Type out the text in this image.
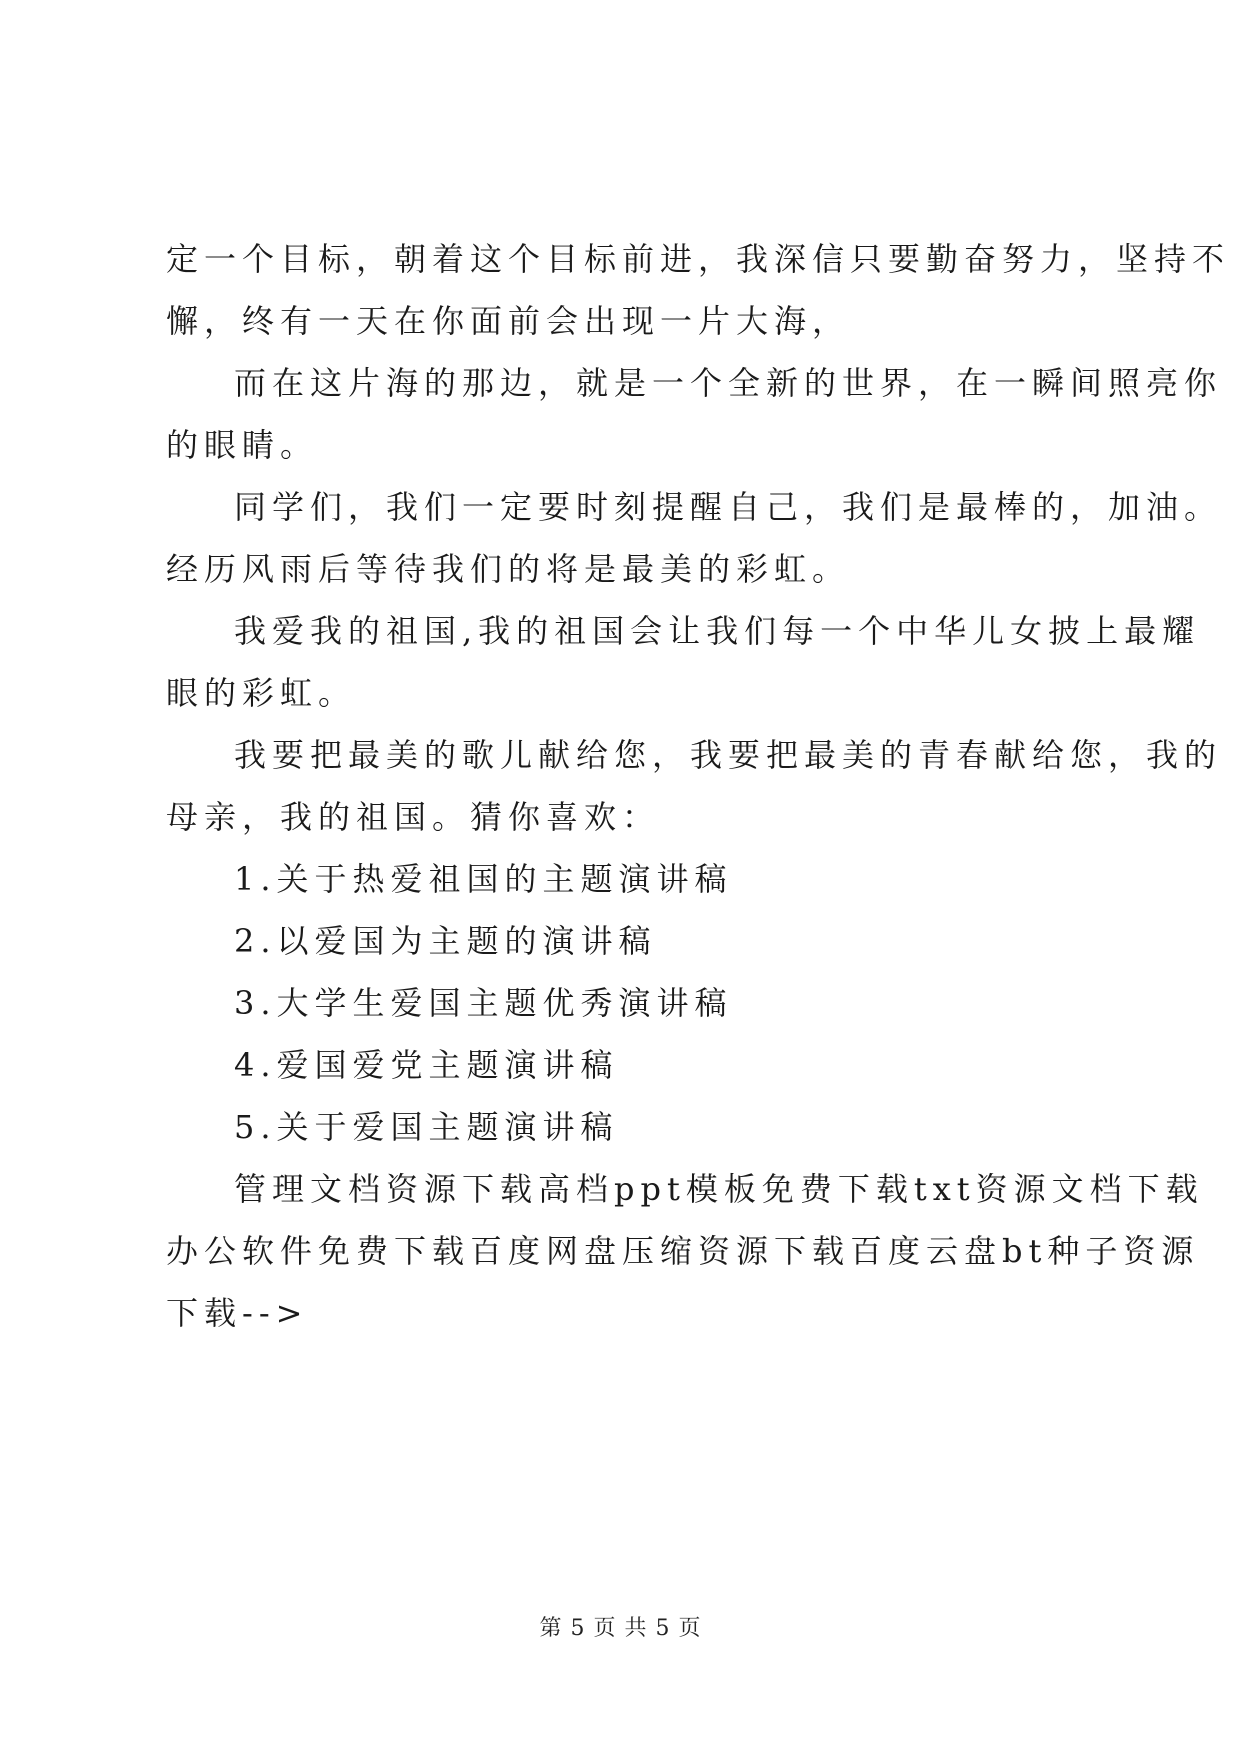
定一个目标，朝着这个目标前进，我深信只要勤奋努力，坚持不
懈，终有一天在你面前会出现一片大海，
而在这片海的那边，就是一个全新的世界，在一瞬间照亮你
的眼睛。
同学们，我们一定要时刻提醒自己，我们是最棒的，加油。
经历风雨后等待我们的将是最美的彩虹。
我爱我的祖国,我的祖国会让我们每一个中华儿女披上最耀
眼的彩虹。
我要把最美的歌儿献给您，我要把最美的青春献给您，我的
母亲，我的祖国。猜你喜欢：
1.关于热爱祖国的主题演讲稿
2.以爱国为主题的演讲稿
3.大学生爱国主题优秀演讲稿
4.爱国爱党主题演讲稿
5.关于爱国主题演讲稿
管理文档资源下载高档ppt模板免费下载txt资源文档下载
办公软件免费下载百度网盘压缩资源下载百度云盘bt种子资源
下载-->
第 5 页 共 5 页
